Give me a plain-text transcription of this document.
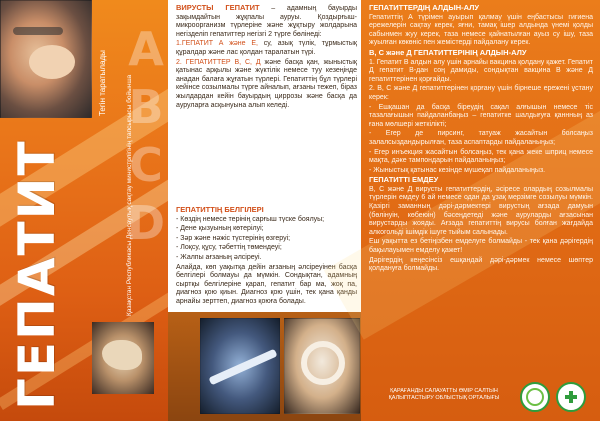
A
B
C
D
Тегін таратылады	Қазақстан Республикасы Денсаулық сақтау министрлігінің тапсырысы бойынша
ГЕПАТИТ

ВИРУСТЫ ГЕПАТИТ – адамның бауырды зақымдайтын жұқпалы ауруы. Қоздырғыш-микроорганизм түрлеріне және жұқтыру жолдарына негізделіп гепатиттер негізгі 2 түрге бөлінеді:

1.ГЕПАТИТ А және Е, су, азық түлік, тұрмыстық құралдар және лас қолдан таралатын түрі.

2. ГЕПАТИТТЕР В, С, Д және басқа қан, жыныстық қатынас арқылы және жүктілік немесе туу кезеңінде анадан балаға жұғатын түрлері. Гепатиттің бұл түрлері кейінсе созылмалы түрге айналып, ағзаны тежеп, біраз жылдардан кейін бауырдың циррозы және басқа да ауруларға асқынуына алып келеді.

ГЕПАТИТТІҢ БЕЛГІЛЕРІ

- Көздің немесе терінің сарғыш түске боялуы;

- Дене қызуының көтерілуі;

- Зәр және нәжіс түстерінің өзгеруі;

- Лоқсу, құсу, тәбеттің төмендеуі;

- Жалпы ағзаның әлсіреуі.

Алайда, көп уақытқа дейін ағзаның әлсіреуінен басқа белгілері болмауы да мүмкін. Сондықтан, адамның сыртқы белгілеріне қарап, гепатит бар ма, жоқ па, диагноз қою қиын. Диагноз қою үшін, тек қана қанды арнайы зерттеп, диагноз қоюға болады.

ГЕПАТИТТЕРДІҢ АЛДЫН-АЛУ

Гепатиттің А түрімен ауырып қалмау үшін еңбастысы гигиена ережелерін сақтау керек, яғни, тамақ ішер алдында үнемі қолды сабынмен жуу керек, таза немесе қайнатылған ауыз су ішу, таза жуылған көкөніс пен жемістерді пайдалану керек.

В, С және Д ГЕПАТИТТЕРІНІҢ АЛДЫН-АЛУ

1. Гепатит В алдын алу үшін арнайы вакцина қолдану қажет. Гепатит Д гепатит В-дан соң дамиды, сондықтан вакцина В және Д гепатиттерінен қорғайды.

2. В, С және Д гепатиттерінен қорғану үшін бірнеше ережені ұстану керек:

- Ешқашан да басқа біреудің сақал алғышын немесе тіс тазалағышын пайдаланбаңыз – гепатитке шалдығуға қаннның аз ғана мөлшері жеткілікті;

- Егер де пирсинг, татуаж жасайтын болсаңыз залалсыздандырылған, таза аспаптарды пайдаланыңыз;

- Егер инъекция жасайтын болсаңыз, тек қана жеке шприц немесе мақта, дәке тампондарын пайдаланыңыз;

- Жыныстық қатынас кезінде мүшеқап пайдаланыңыз.

ГЕПАТИТТІ ЕМДЕУ

В, С және Д вирусты гепатиттердің, әсіресе олардың созылмалы түрлерін емдеу 6 ай немесе одан да ұзақ мерзімге созылуы мүмкін. Қазіргі заманның дәрі-дәрмектері вирустың ағзада дамуын (бөлінуін, көбеюін) бәсеңдетеді және ауруларды ағзасынан вирустарды жояды. Ағзада гепатиттің вирусы болған жағдайда алкогольді ішімдік ішуге тыйым салынады.

Еш уақытта ез бетіңізбен емделуге болмайды - тек қана дәрігердің бақылауымен емделу қажет!

Дәрігердің кеңесінсіз ешқандай дәрі-дәрмек немесе шөптер қолдануға болмайды.

ҚАРАҒАНДЫ САЛАУАТТЫ ӨМІР САЛТЫН ҚАЛЫПТАСТЫРУ ОБЛЫСТЫҚ ОРТАЛЫҒЫ
